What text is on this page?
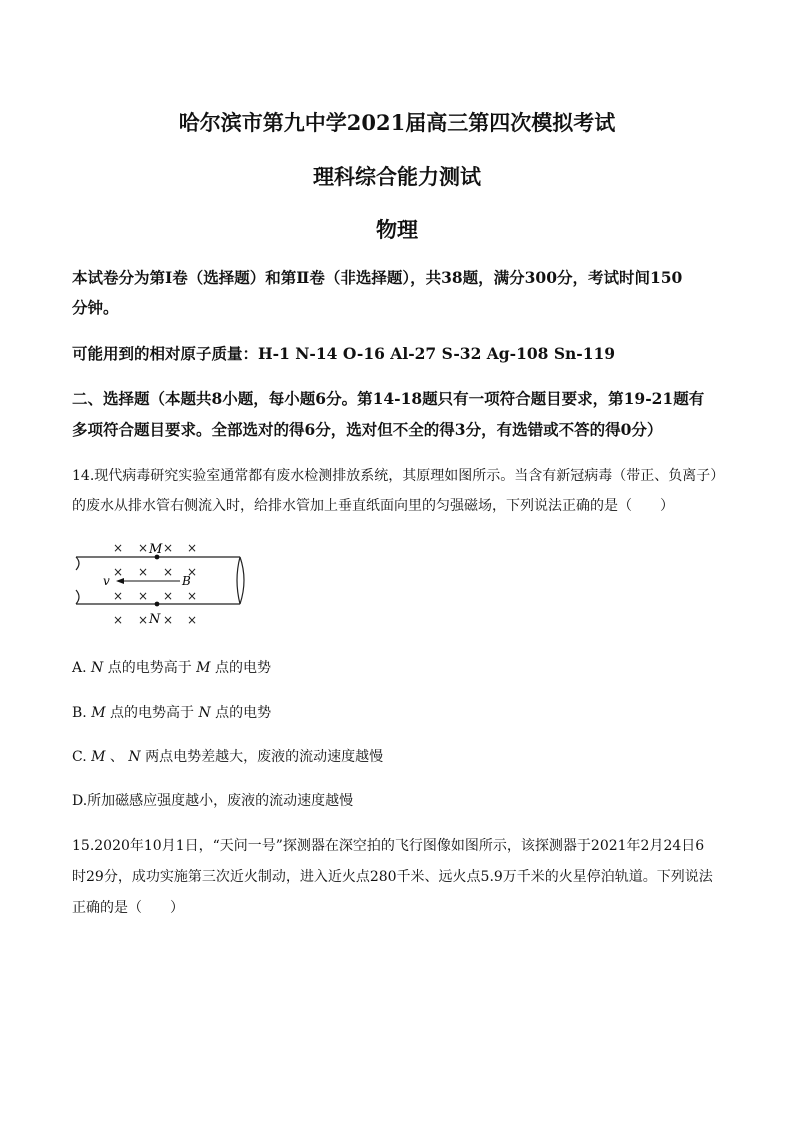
哈尔滨市第九中学2021届高三第四次模拟考试
理科综合能力测试
物理
本试卷分为第Ⅰ卷（选择题）和第Ⅱ卷（非选择题），共38题，满分300分，考试时间150
分钟。
可能用到的相对原子质量：H-1 N-14 O-16 Al-27 S-32 Ag-108 Sn-119
二、选择题（本题共8小题，每小题6分。第14-18题只有一项符合题目要求，第19-21题有
多项符合题目要求。全部选对的得6分，选对但不全的得3分，有选错或不答的得0分）
14.现代病毒研究实验室通常都有废水检测排放系统，其原理如图所示。当含有新冠病毒（带正、负离子）
的废水从排水管右侧流入时，给排水管加上垂直纸面向里的匀强磁场，下列说法正确的是（　　）
× × × ×
× × × ×
× × × ×
× × × ×
M
N
v	B
A. N 点的电势高于 M 点的电势
B. M 点的电势高于 N 点的电势
C. M 、 N 两点电势差越大，废液的流动速度越慢
D.所加磁感应强度越小，废液的流动速度越慢
15.2020年10月1日，“天问一号”探测器在深空拍的飞行图像如图所示，该探测器于2021年2月24日6
时29分，成功实施第三次近火制动，进入近火点280千米、远火点5.9万千米的火星停泊轨道。下列说法
正确的是（　　）
